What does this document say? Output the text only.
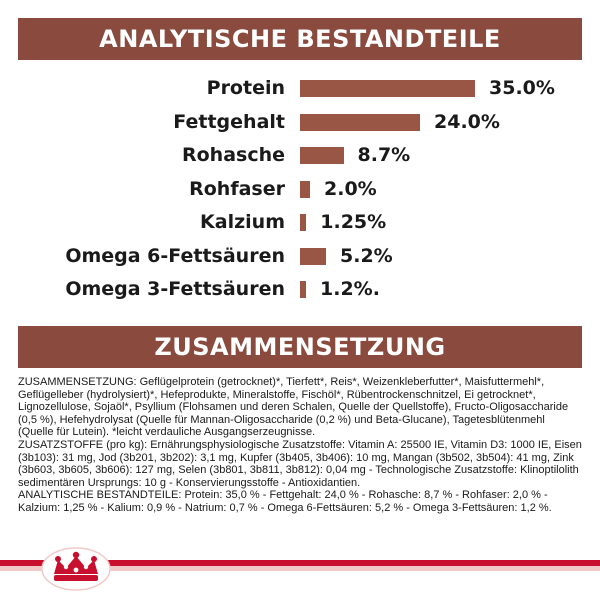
ANALYTISCHE BESTANDTEILE
Protein	35.0%
Fettgehalt	24.0%
Rohasche	8.7%
Rohfaser 2.0%
Kalzium 1.25%
Omega 6-Fettsäuren	5.2%
Omega 3-Fettsäuren 1.2%.
ZUSAMMENSETZUNG

ZUSAMMENSETZUNG: Geflügelprotein (getrocknet)*, Tierfett*, Reis*, Weizenkleberfutter*, Maisfuttermehl*, Geflügelleber (hydrolysiert)*, Hefeprodukte, Mineralstoffe, Fischöl*, Rübentrockenschnitzel, Ei getrocknet*, Lignozellulose, Sojaöl*, Psyllium (Flohsamen und deren Schalen, Quelle der Quellstoffe), Fructo-Oligosaccharide (0,5 %), Hefehydrolysat (Quelle für Mannan-Oligosaccharide (0,2 %) und Beta-Glucane), Tagetesblütenmehl (Quelle für Lutein). *leicht verdauliche Ausgangserzeugnisse.

ZUSATZSTOFFE (pro kg): Ernährungsphysiologische Zusatzstoffe: Vitamin A: 25500 IE, Vitamin D3: 1000 IE, Eisen (3b103): 31 mg, Jod (3b201, 3b202): 3,1 mg, Kupfer (3b405, 3b406): 10 mg, Mangan (3b502, 3b504): 41 mg, Zink (3b603, 3b605, 3b606): 127 mg, Selen (3b801, 3b811, 3b812): 0,04 mg - Technologische Zusatzstoffe: Klinoptilolith sedimentären Ursprungs: 10 g - Konservierungsstoffe - Antioxidantien.

ANALYTISCHE BESTANDTEILE: Protein: 35,0 % - Fettgehalt: 24,0 % - Rohasche: 8,7 % - Rohfaser: 2,0 % - Kalzium: 1,25 % - Kalium: 0,9 % - Natrium: 0,7 % - Omega 6-Fettsäuren: 5,2 % - Omega 3-Fettsäuren: 1,2 %.
